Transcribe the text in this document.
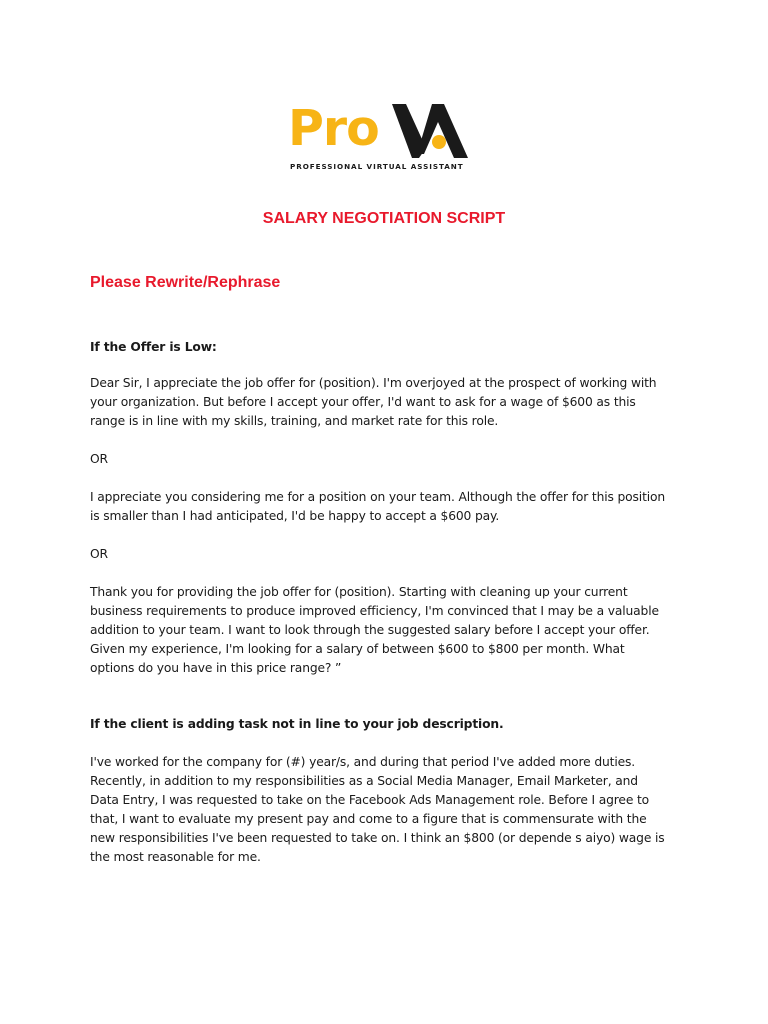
Pro
PROFESSIONAL VIRTUAL ASSISTANT
SALARY NEGOTIATION SCRIPT
Please Rewrite/Rephrase

If the Offer is Low:

Dear Sir, I appreciate the job offer for (position). I'm overjoyed at the prospect of working with
your organization. But before I accept your offer, I'd want to ask for a wage of $600 as this
range is in line with my skills, training, and market rate for this role.

OR

I appreciate you considering me for a position on your team. Although the offer for this position
is smaller than I had anticipated, I'd be happy to accept a $600 pay.

OR

Thank you for providing the job offer for (position). Starting with cleaning up your current
business requirements to produce improved efficiency, I'm convinced that I may be a valuable
addition to your team. I want to look through the suggested salary before I accept your offer.
Given my experience, I'm looking for a salary of between $600 to $800 per month. What
options do you have in this price range? ”

If the client is adding task not in line to your job description.

I've worked for the company for (#) year/s, and during that period I've added more duties.
Recently, in addition to my responsibilities as a Social Media Manager, Email Marketer, and
Data Entry, I was requested to take on the Facebook Ads Management role. Before I agree to
that, I want to evaluate my present pay and come to a figure that is commensurate with the
new responsibilities I've been requested to take on. I think an $800 (or depende s aiyo) wage is
the most reasonable for me.
